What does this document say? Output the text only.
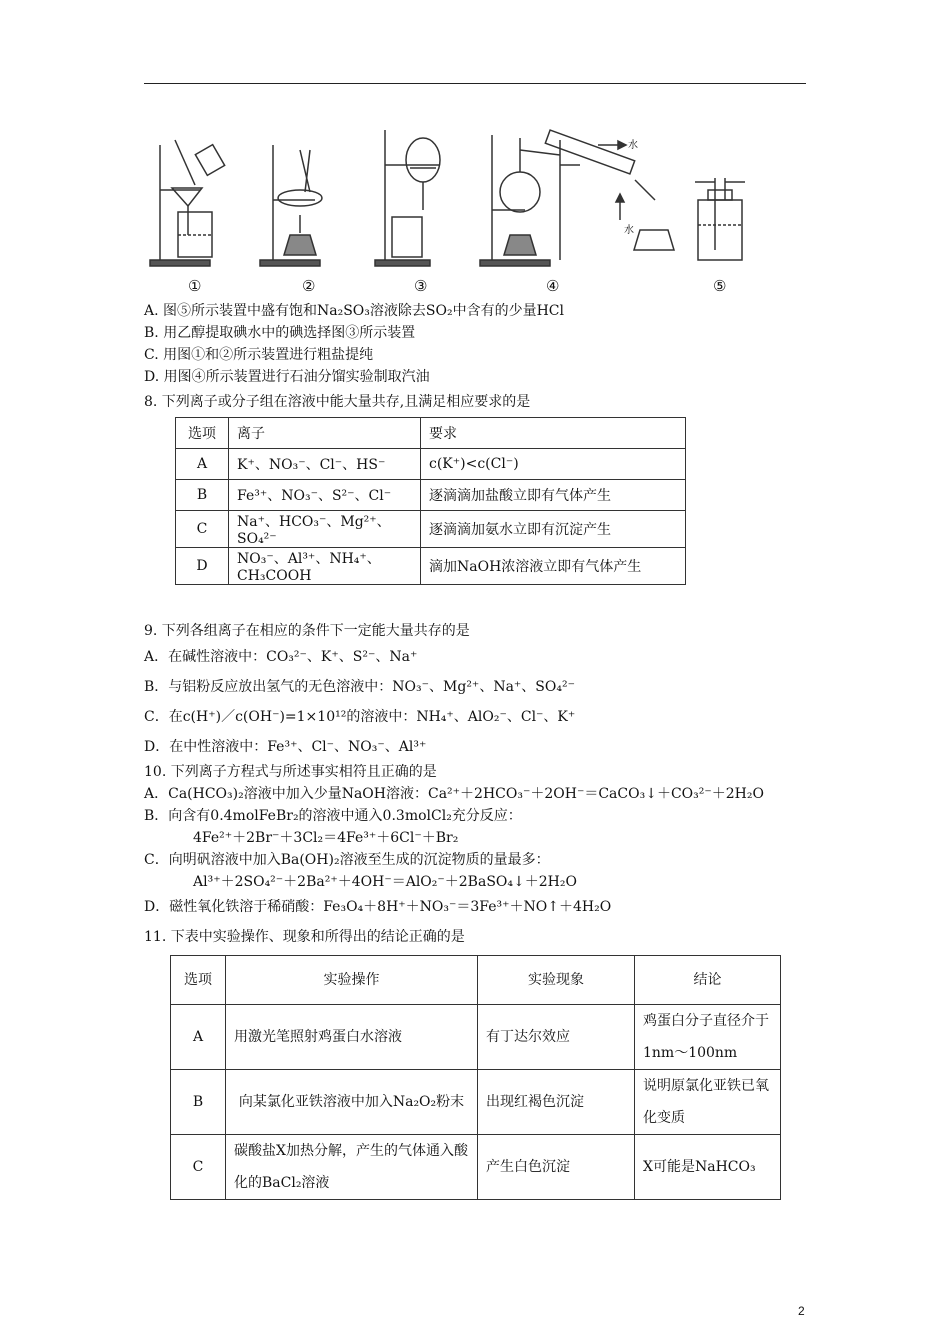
水
水
①	②	③	④	⑤
A. 图⑤所示装置中盛有饱和Na₂SO₃溶液除去SO₂中含有的少量HCl
B. 用乙醇提取碘水中的碘选择图③所示装置
C. 用图①和②所示装置进行粗盐提纯
D. 用图④所示装置进行石油分馏实验制取汽油
8. 下列离子或分子组在溶液中能大量共存,且满足相应要求的是
选项	离子	要求
A	K⁺、NO₃⁻、Cl⁻、HS⁻	c(K⁺)<c(Cl⁻)
B	Fe³⁺、NO₃⁻、S²⁻、Cl⁻	逐滴滴加盐酸立即有气体产生
C	Na⁺、HCO₃⁻、Mg²⁺、SO₄²⁻	逐滴滴加氨水立即有沉淀产生
D	NO₃⁻、Al³⁺、NH₄⁺、CH₃COOH	滴加NaOH浓溶液立即有气体产生
9. 下列各组离子在相应的条件下一定能大量共存的是
A．在碱性溶液中：CO₃²⁻、K⁺、S²⁻、Na⁺
B．与铝粉反应放出氢气的无色溶液中：NO₃⁻、Mg²⁺、Na⁺、SO₄²⁻
C．在c(H⁺)／c(OH⁻)=1×10¹²的溶液中：NH₄⁺、AlO₂⁻、Cl⁻、K⁺
D．在中性溶液中：Fe³⁺、Cl⁻、NO₃⁻、Al³⁺
10. 下列离子方程式与所述事实相符且正确的是
A．Ca(HCO₃)₂溶液中加入少量NaOH溶液：Ca²⁺＋2HCO₃⁻＋2OH⁻＝CaCO₃↓＋CO₃²⁻＋2H₂O
B．向含有0.4molFeBr₂的溶液中通入0.3molCl₂充分反应：
4Fe²⁺＋2Br⁻＋3Cl₂＝4Fe³⁺＋6Cl⁻＋Br₂
C．向明矾溶液中加入Ba(OH)₂溶液至生成的沉淀物质的量最多：
Al³⁺＋2SO₄²⁻＋2Ba²⁺＋4OH⁻＝AlO₂⁻＋2BaSO₄↓＋2H₂O
D．磁性氧化铁溶于稀硝酸：Fe₃O₄＋8H⁺＋NO₃⁻＝3Fe³⁺＋NO↑＋4H₂O
11. 下表中实验操作、现象和所得出的结论正确的是
选项	实验操作	实验现象	结论
A	用激光笔照射鸡蛋白水溶液	有丁达尔效应	鸡蛋白分子直径介于1nm～100nm
B	向某氯化亚铁溶液中加入Na₂O₂粉末	出现红褐色沉淀	说明原氯化亚铁已氧化变质
C	碳酸盐X加热分解，产生的气体通入酸化的BaCl₂溶液	产生白色沉淀	X可能是NaHCO₃
2
